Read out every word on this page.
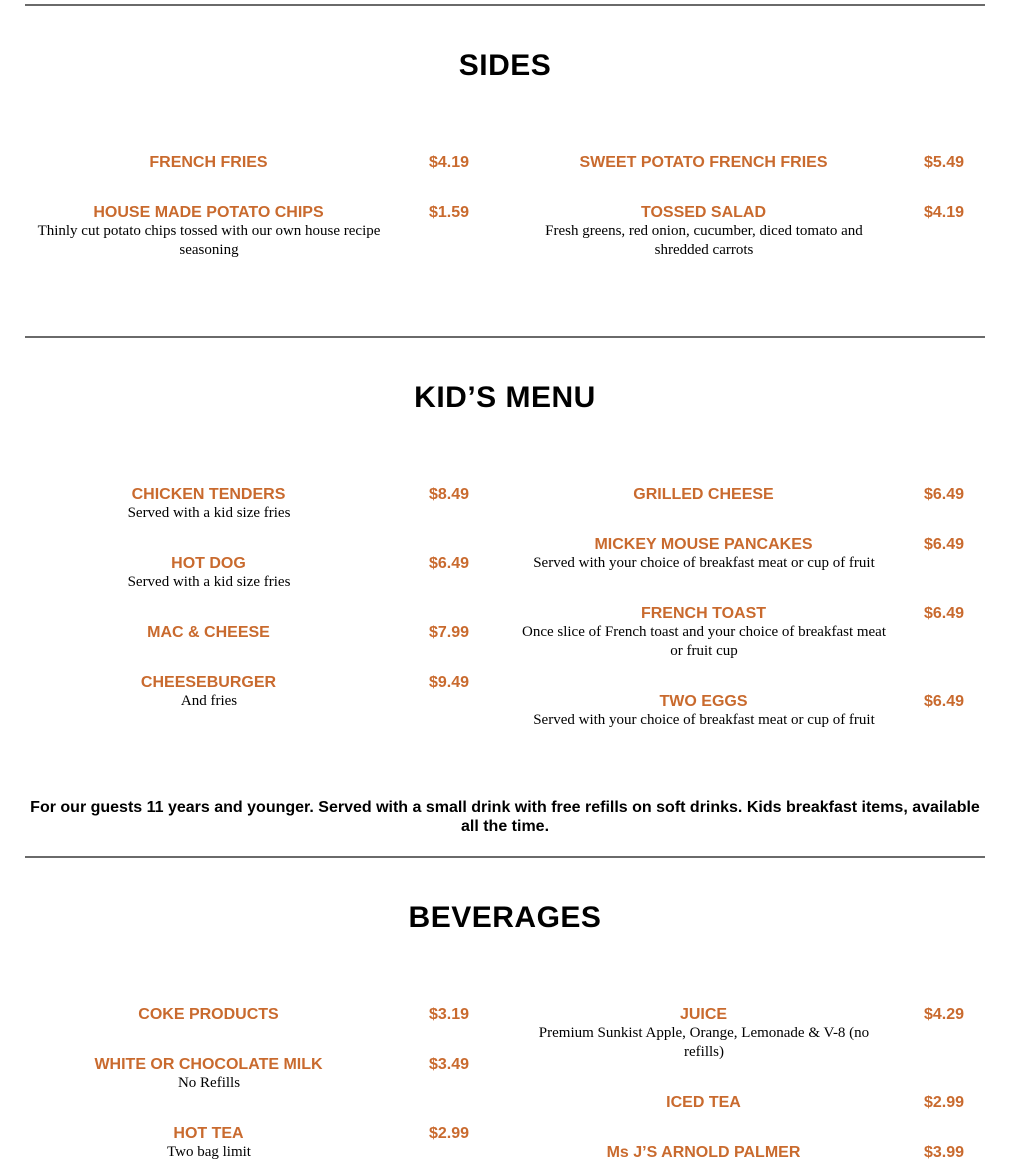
SIDES
FRENCH FRIES	$4.19	SWEET POTATO FRENCH FRIES	$5.49
HOUSE MADE POTATO CHIPS	$1.59
Thinly cut potato chips tossed with our own house recipe seasoning
TOSSED SALAD	$4.19
Fresh greens, red onion, cucumber, diced tomato and shredded carrots
KID’S MENU
CHICKEN TENDERS	$8.49
Served with a kid size fries
HOT DOG	$6.49
Served with a kid size fries
MAC & CHEESE	$7.99
CHEESEBURGER	$9.49
And fries
GRILLED CHEESE	$6.49
MICKEY MOUSE PANCAKES	$6.49
Served with your choice of breakfast meat or cup of fruit
FRENCH TOAST	$6.49
Once slice of French toast and your choice of breakfast meat or fruit cup
TWO EGGS	$6.49
Served with your choice of breakfast meat or cup of fruit
For our guests 11 years and younger. Served with a small drink with free refills on soft drinks. Kids breakfast items, available all the time.
BEVERAGES
COKE PRODUCTS	$3.19
WHITE OR CHOCOLATE MILK	$3.49
No Refills
HOT TEA	$2.99
Two bag limit
JUICE	$4.29
Premium Sunkist Apple, Orange, Lemonade & V-8 (no refills)
ICED TEA	$2.99
Ms J’S ARNOLD PALMER	$3.99
